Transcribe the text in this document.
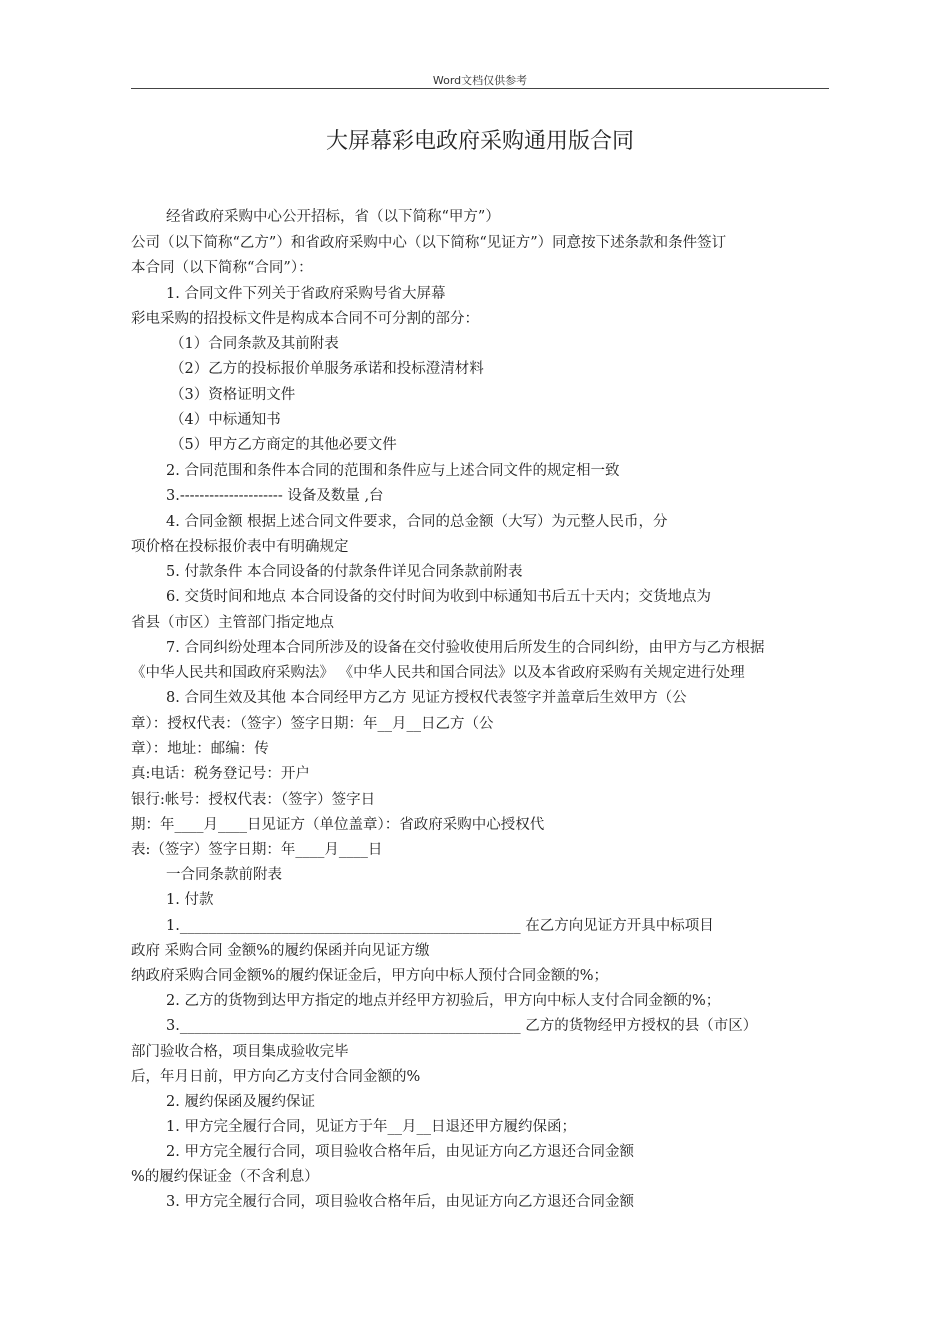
Word文档仅供参考
大屏幕彩电政府采购通用版合同
经省政府采购中心公开招标，省（以下简称“甲方”）
公司（以下简称“乙方”）和省政府采购中心（以下简称“见证方”）同意按下述条款和条件签订
本合同（以下简称“合同”）：
1. 合同文件下列关于省政府采购号省大屏幕
彩电采购的招投标文件是构成本合同不可分割的部分：
（1）合同条款及其前附表
（2）乙方的投标报价单服务承诺和投标澄清材料
（3）资格证明文件
（4）中标通知书
（5）甲方乙方商定的其他必要文件
2. 合同范围和条件本合同的范围和条件应与上述合同文件的规定相一致
3.--------------------- 设备及数量 ,台
4. 合同金额 根据上述合同文件要求，合同的总金额（大写）为元整人民币，分
项价格在投标报价表中有明确规定
5. 付款条件 本合同设备的付款条件详见合同条款前附表
6. 交货时间和地点 本合同设备的交付时间为收到中标通知书后五十天内；交货地点为
省县（市区）主管部门指定地点
7. 合同纠纷处理本合同所涉及的设备在交付验收使用后所发生的合同纠纷，由甲方与乙方根据
《中华人民共和国政府采购法》 《中华人民共和国合同法》以及本省政府采购有关规定进行处理
8. 合同生效及其他 本合同经甲方乙方 见证方授权代表签字并盖章后生效甲方（公
章）：授权代表：（签字）签字日期：年__月__日乙方（公
章）：地址：邮编：传
真:电话：税务登记号：开户
银行:帐号：授权代表：（签字）签字日
期：年____月____日见证方（单位盖章）：省政府采购中心授权代
表:（签字）签字日期：年____月____日
一合同条款前附表
1. 付款
1._______________________________________________ 在乙方向见证方开具中标项目
政府 采购合同 金额%的履约保函并向见证方缴
纳政府采购合同金额%的履约保证金后，甲方向中标人预付合同金额的%；
2. 乙方的货物到达甲方指定的地点并经甲方初验后，甲方向中标人支付合同金额的%；
3._______________________________________________ 乙方的货物经甲方授权的县（市区）
部门验收合格，项目集成验收完毕
后，年月日前，甲方向乙方支付合同金额的%
2. 履约保函及履约保证
1. 甲方完全履行合同，见证方于年__月__日退还甲方履约保函；
2. 甲方完全履行合同，项目验收合格年后，由见证方向乙方退还合同金额
%的履约保证金（不含利息）
3. 甲方完全履行合同，项目验收合格年后，由见证方向乙方退还合同金额
